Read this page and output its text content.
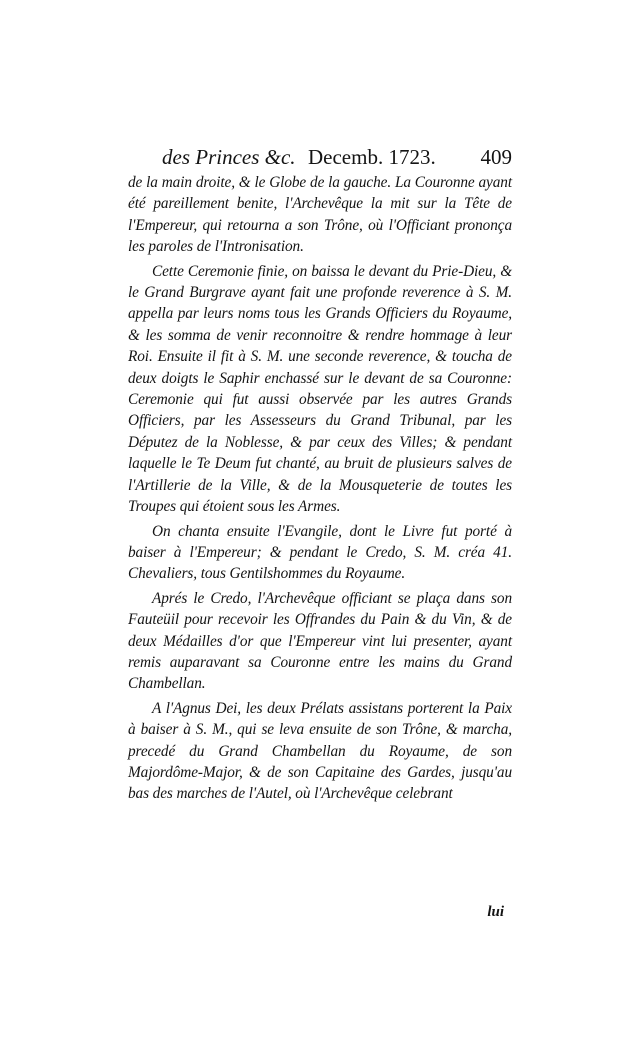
des Princes &c. Decemb. 1723. 409

de la main droite, & le Globe de la gauche. La Couronne ayant été pareillement benite, l'Archevêque la mit sur la Tête de l'Empereur, qui retourna a son Trône, où l'Officiant prononça les paroles de l'Intronisation.

Cette Ceremonie finie, on baissa le devant du Prie-Dieu, & le Grand Burgrave ayant fait une profonde reverence à S. M. appella par leurs noms tous les Grands Officiers du Royaume, & les somma de venir reconnoitre & rendre hommage à leur Roi. Ensuite il fit à S. M. une seconde reverence, & toucha de deux doigts le Saphir enchassé sur le devant de sa Couronne: Ceremonie qui fut aussi observée par les autres Grands Officiers, par les Assesseurs du Grand Tribunal, par les Députez de la Noblesse, & par ceux des Villes; & pendant laquelle le Te Deum fut chanté, au bruit de plusieurs salves de l'Artillerie de la Ville, & de la Mousqueterie de toutes les Troupes qui étoient sous les Armes.

On chanta ensuite l'Evangile, dont le Livre fut porté à baiser à l'Empereur; & pendant le Credo, S. M. créa 41. Chevaliers, tous Gentilshommes du Royaume.

Aprés le Credo, l'Archevêque officiant se plaça dans son Fauteüil pour recevoir les Offrandes du Pain & du Vin, & de deux Médailles d'or que l'Empereur vint lui presenter, ayant remis auparavant sa Couronne entre les mains du Grand Chambellan.

A l'Agnus Dei, les deux Prélats assistans porterent la Paix à baiser à S. M., qui se leva ensuite de son Trône, & marcha, precedé du Grand Chambellan du Royaume, de son Majordôme-Major, & de son Capitaine des Gardes, jusqu'au bas des marches de l'Autel, où l'Archevêque celebrant

lui
